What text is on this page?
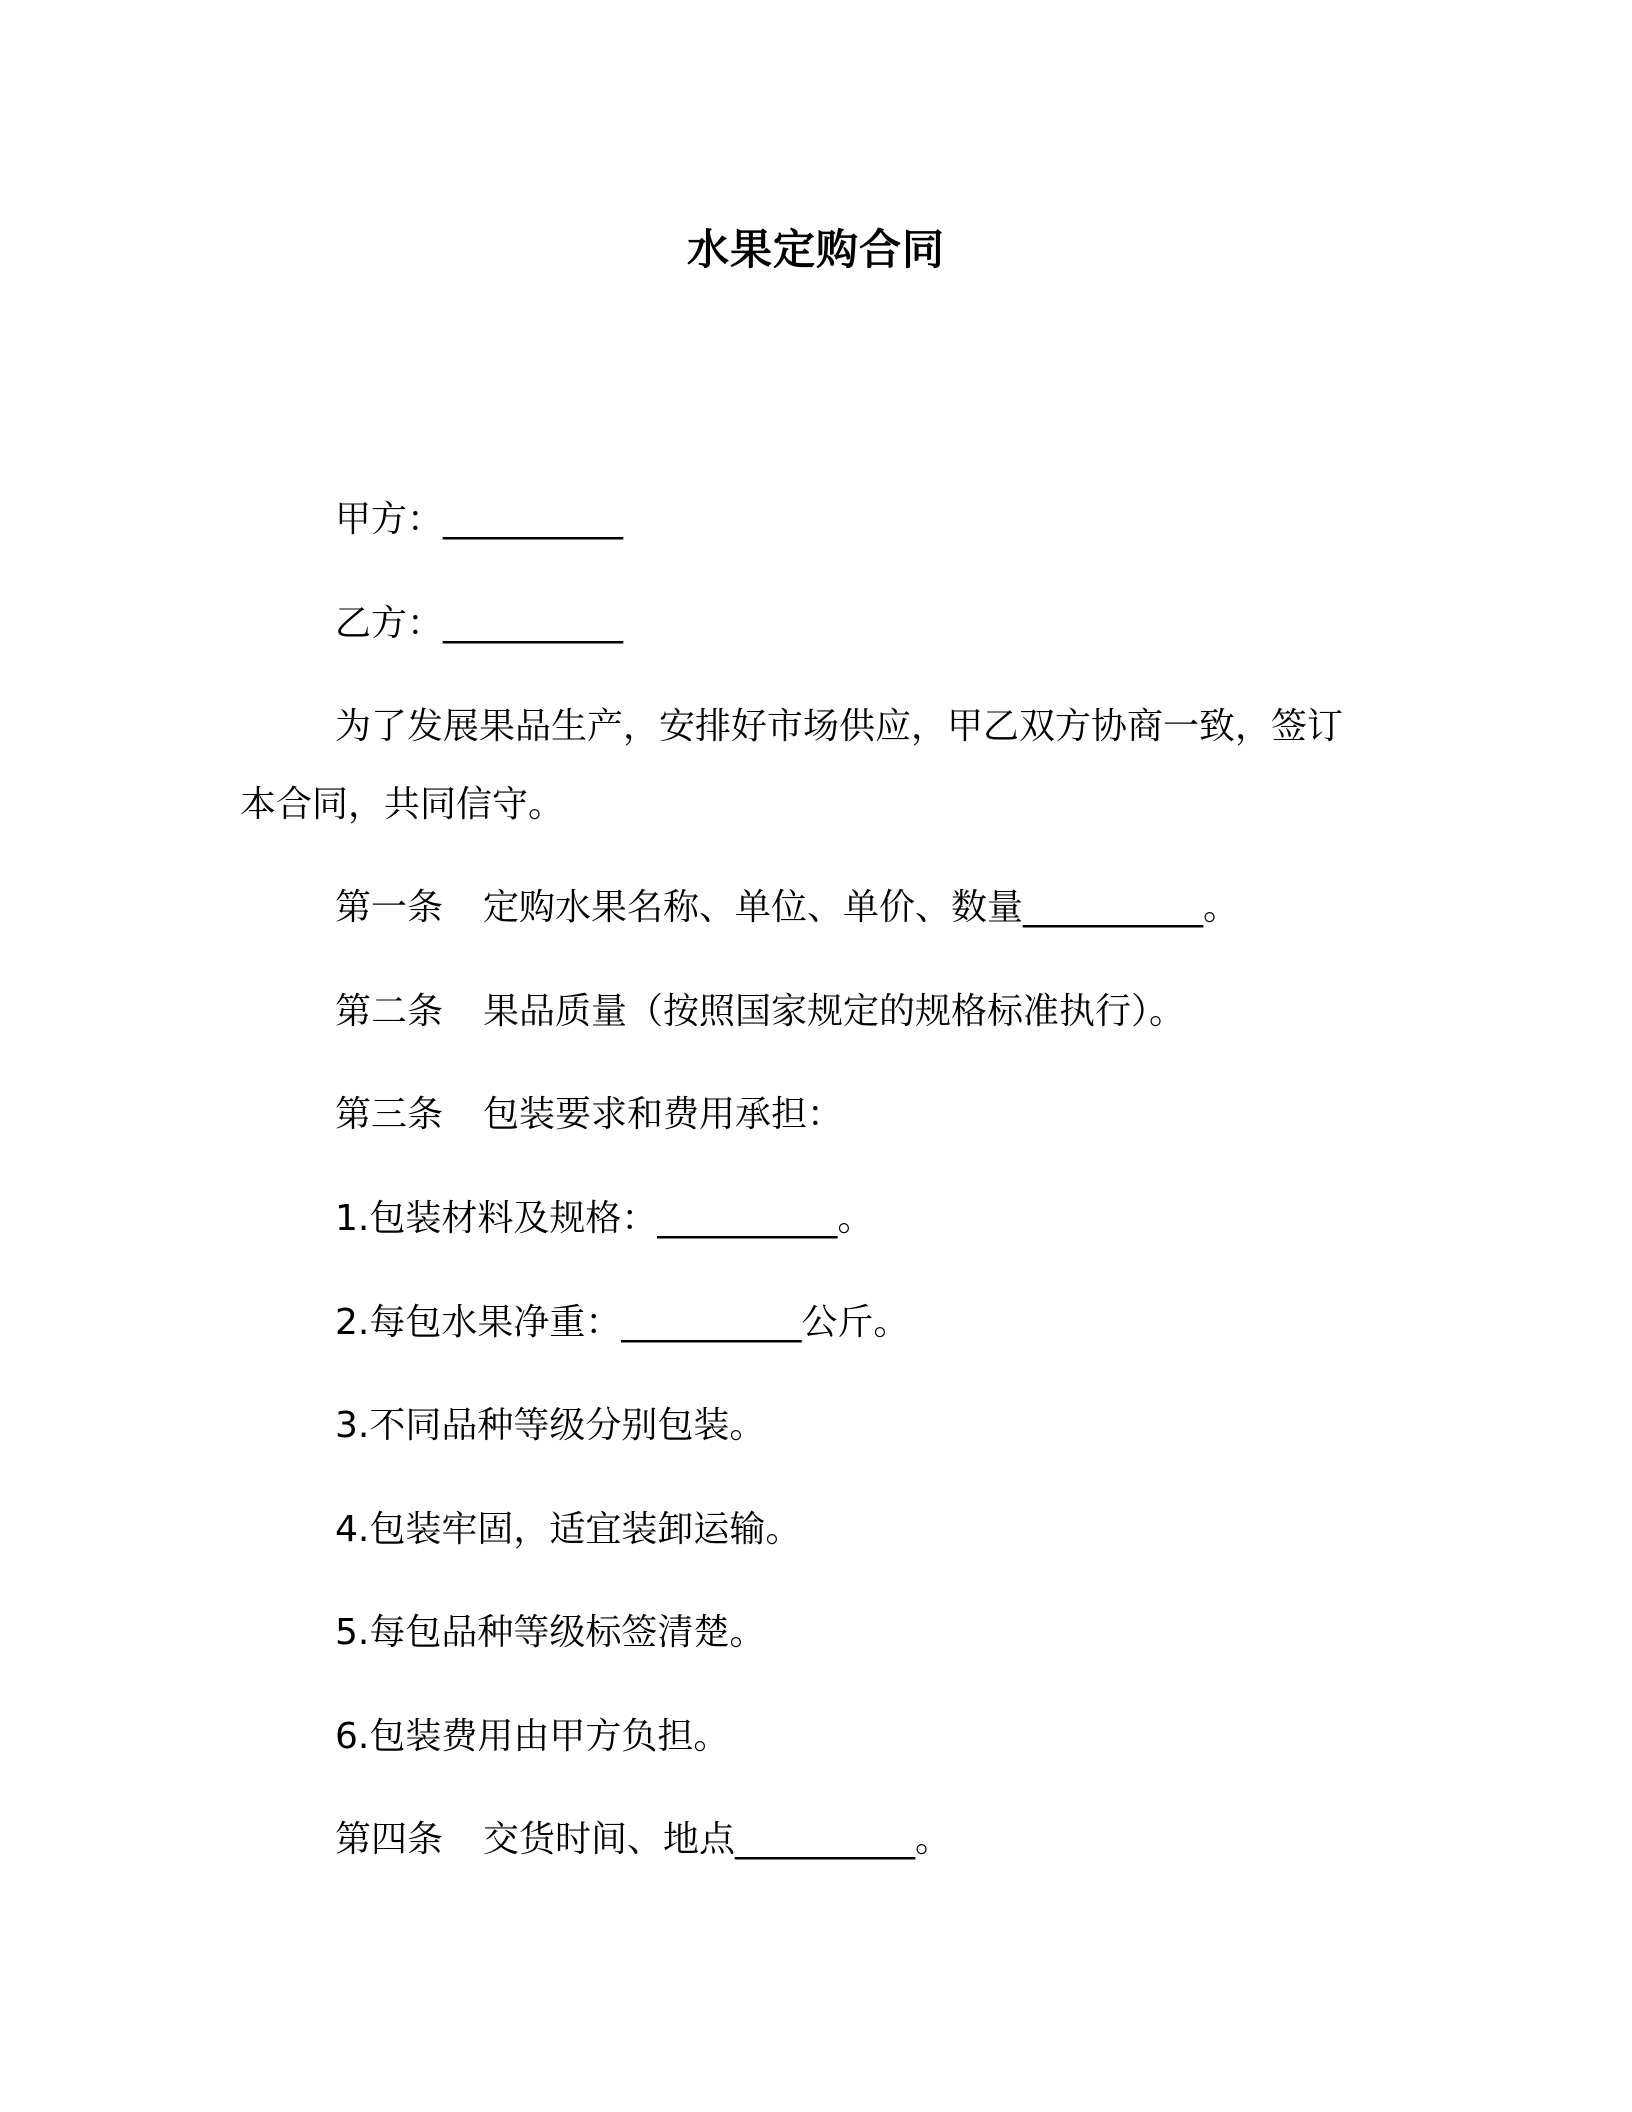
水果定购合同
甲方：__________
乙方：__________
为了发展果品生产，安排好市场供应，甲乙双方协商一致，签订
本合同，共同信守。
第一条 定购水果名称、单位、单价、数量__________。
第二条 果品质量（按照国家规定的规格标准执行）。
第三条 包装要求和费用承担：
1.包装材料及规格：__________。
2.每包水果净重：__________公斤。
3.不同品种等级分别包装。
4.包装牢固，适宜装卸运输。
5.每包品种等级标签清楚。
6.包装费用由甲方负担。
第四条 交货时间、地点__________。
